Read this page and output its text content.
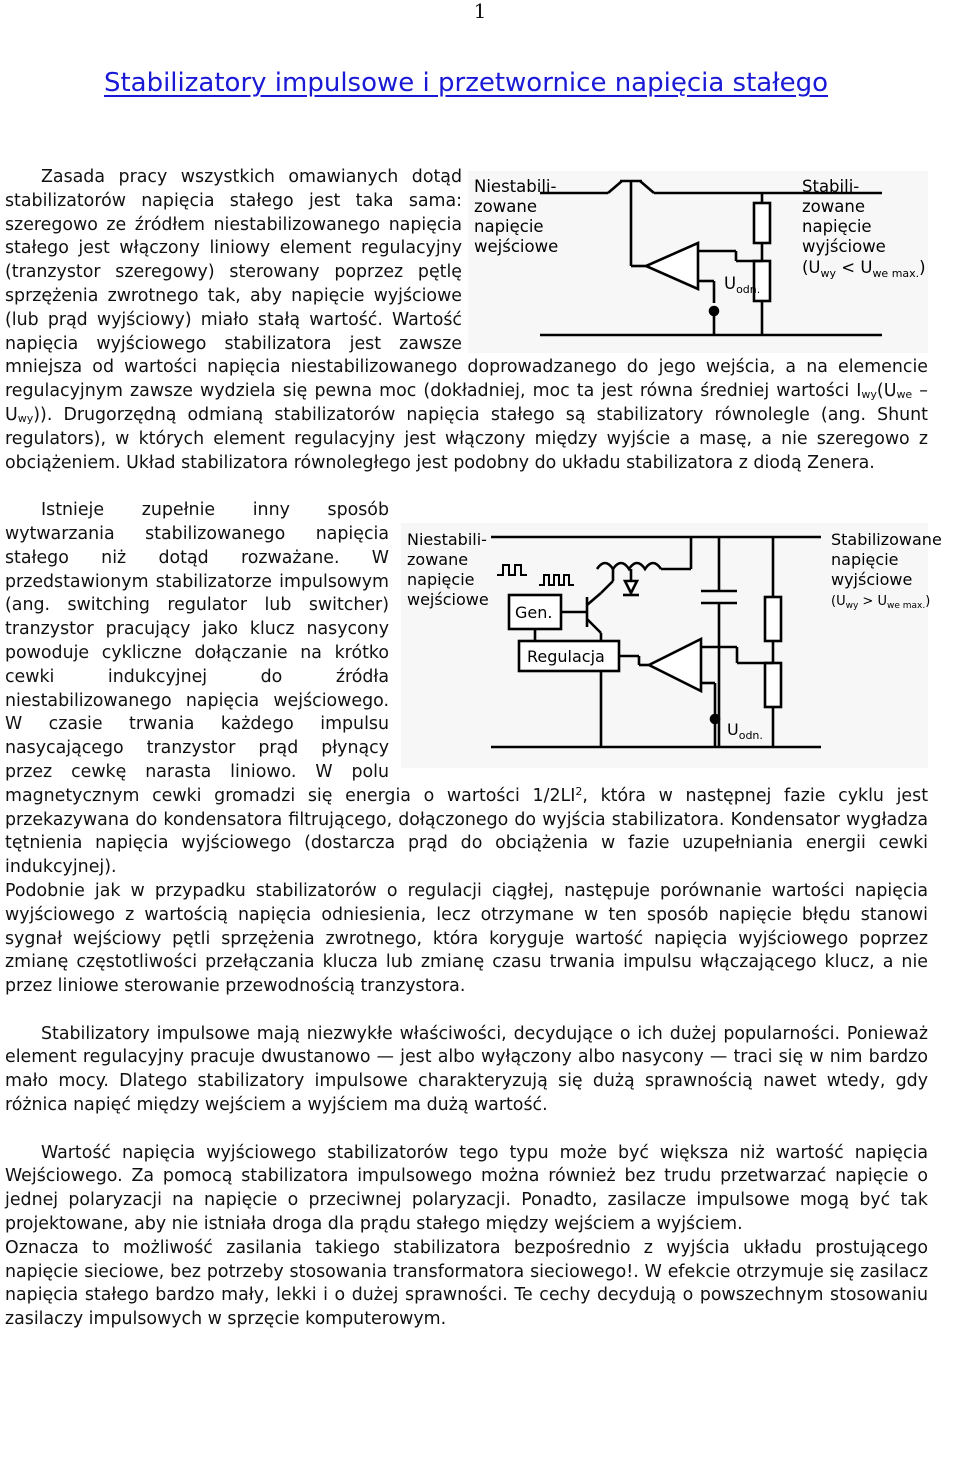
1
Stabilizatory impulsowe i przetwornice napięcia stałego

Niestabili-
zowane
napięcie
wejściowe
Stabili-
zowane
napięcie
wyjściowe
$(U_{wy} < U_{we max.})$
$U_{odn.}$
Zasada pracy wszystkich omawianych dotąd stabilizatorów napięcia stałego jest taka sama: szeregowo ze źródłem niestabilizowanego napięcia stałego jest włączony liniowy element regulacyjny (tranzystor szeregowy) sterowany poprzez pętlę sprzężenia zwrotnego tak, aby napięcie wyjściowe (lub prąd wyjściowy) miało stałą wartość. Wartość napięcia wyjściowego stabilizatora jest zawsze mniejsza od wartości napięcia niestabilizowanego doprowadzanego do jego wejścia, a na elemencie regulacyjnym zawsze wydziela się pewna moc (dokładniej, moc ta jest równa średniej wartości $I_{wy}(U_{we} - U_{wy})$). Drugorzędną odmianą stabilizatorów napięcia stałego są stabilizatory równolegle (ang. Shunt regulators), w których element regulacyjny jest włączony między wyjście a masę, a nie szeregowo z obciążeniem. Układ stabilizatora równoległego jest podobny do układu stabilizatora z diodą Zenera.

Niestabili-
zowane
napięcie
wejściowe
Stabilizowane
napięcie
wyjściowe
$(U_{wy} > U_{we max.})$
Gen.
Regulacja
$U_{odn.}$
Istnieje zupełnie inny sposób wytwarzania stabilizowanego napięcia stałego niż dotąd rozważane. W przedstawionym stabilizatorze impulsowym (ang. switching regulator lub switcher) tranzystor pracujący jako klucz nasycony powoduje cykliczne dołączanie na krótko cewki indukcyjnej do źródła niestabilizowanego napięcia wejściowego. W czasie trwania każdego impulsu nasycającego tranzystor prąd płynący przez cewkę narasta liniowo. W polu magnetycznym cewki gromadzi się energia o wartości $1/2LI^2$, która w następnej fazie cyklu jest przekazywana do kondensatora filtrującego, dołączonego do wyjścia stabilizatora. Kondensator wygładza tętnienia napięcia wyjściowego (dostarcza prąd do obciążenia w fazie uzupełniania energii cewki indukcyjnej).

Podobnie jak w przypadku stabilizatorów o regulacji ciągłej, następuje porównanie wartości napięcia wyjściowego z wartością napięcia odniesienia, lecz otrzymane w ten sposób napięcie błędu stanowi sygnał wejściowy pętli sprzężenia zwrotnego, która koryguje wartość napięcia wyjściowego poprzez zmianę częstotliwości przełączania klucza lub zmianę czasu trwania impulsu włączającego klucz, a nie przez liniowe sterowanie przewodnością tranzystora.

Stabilizatory impulsowe mają niezwykłe właściwości, decydujące o ich dużej popularności. Ponieważ element regulacyjny pracuje dwustanowo — jest albo wyłączony albo nasycony — traci się w nim bardzo mało mocy. Dlatego stabilizatory impulsowe charakteryzują się dużą sprawnością nawet wtedy, gdy różnica napięć między wejściem a wyjściem ma dużą wartość.

Wartość napięcia wyjściowego stabilizatorów tego typu może być większa niż wartość napięcia Wejściowego. Za pomocą stabilizatora impulsowego można również bez trudu przetwarzać napięcie o jednej polaryzacji na napięcie o przeciwnej polaryzacji. Ponadto, zasilacze impulsowe mogą być tak projektowane, aby nie istniała droga dla prądu stałego między wejściem a wyjściem.

Oznacza to możliwość zasilania takiego stabilizatora bezpośrednio z wyjścia układu prostującego napięcie sieciowe, bez potrzeby stosowania transformatora sieciowego!. W efekcie otrzymuje się zasilacz napięcia stałego bardzo mały, lekki i o dużej sprawności. Te cechy decydują o powszechnym stosowaniu zasilaczy impulsowych w sprzęcie komputerowym.
